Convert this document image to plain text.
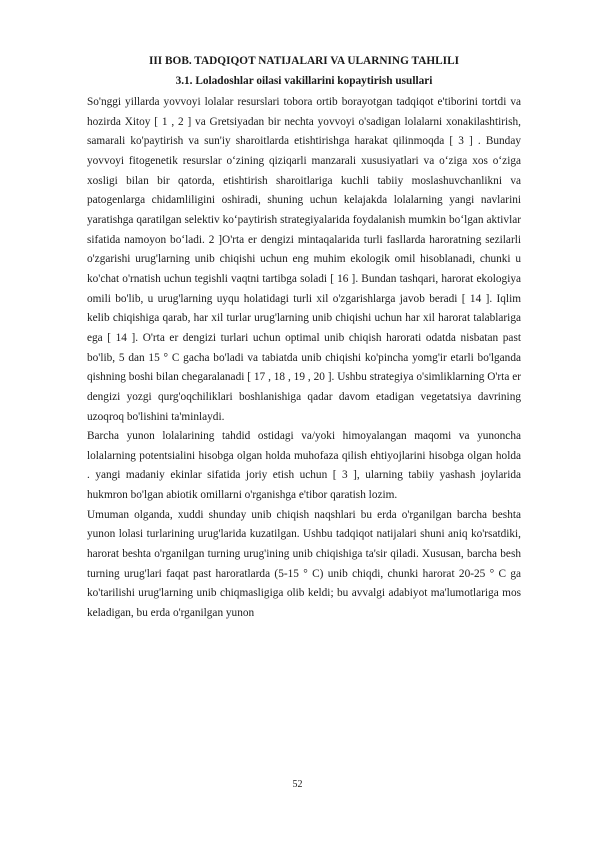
III BOB. TADQIQOT NATIJALARI VA ULARNING TAHLILI
3.1. Loladoshlar oilasi vakillarini kopaytirish usullari

So'nggi yillarda yovvoyi lolalar resurslari tobora ortib borayotgan tadqiqot e'tiborini tortdi va hozirda Xitoy [ 1 , 2 ] va Gretsiyadan bir nechta yovvoyi o'sadigan lolalarni xonakilashtirish, samarali ko'paytirish va sun'iy sharoitlarda etishtirishga harakat qilinmoqda [ 3 ] . Bunday yovvoyi fitogenetik resurslar o‘zining qiziqarli manzarali xususiyatlari va o‘ziga xos o‘ziga xosligi bilan bir qatorda, etishtirish sharoitlariga kuchli tabiiy moslashuvchanlikni va patogenlarga chidamliligini oshiradi, shuning uchun kelajakda lolalarning yangi navlarini yaratishga qaratilgan selektiv ko‘paytirish strategiyalarida foydalanish mumkin bo‘lgan aktivlar sifatida namoyon bo‘ladi. 2 ]O'rta er dengizi mintaqalarida turli fasllarda haroratning sezilarli o'zgarishi urug'larning unib chiqishi uchun eng muhim ekologik omil hisoblanadi, chunki u ko'chat o'rnatish uchun tegishli vaqtni tartibga soladi [ 16 ]. Bundan tashqari, harorat ekologiya omili bo'lib, u urug'larning uyqu holatidagi turli xil o'zgarishlarga javob beradi [ 14 ]. Iqlim kelib chiqishiga qarab, har xil turlar urug'larning unib chiqishi uchun har xil harorat talablariga ega [ 14 ]. O'rta er dengizi turlari uchun optimal unib chiqish harorati odatda nisbatan past bo'lib, 5 dan 15 ° C gacha bo'ladi va tabiatda unib chiqishi ko'pincha yomg'ir etarli bo'lganda qishning boshi bilan chegaralanadi [ 17 , 18 , 19 , 20 ]. Ushbu strategiya o'simliklarning O'rta er dengizi yozgi qurg'oqchiliklari boshlanishiga qadar davom etadigan vegetatsiya davrining uzoqroq bo'lishini ta'minlaydi.

Barcha yunon lolalarining tahdid ostidagi va/yoki himoyalangan maqomi va yunoncha lolalarning potentsialini hisobga olgan holda muhofaza qilish ehtiyojlarini hisobga olgan holda . yangi madaniy ekinlar sifatida joriy etish uchun [ 3 ], ularning tabiiy yashash joylarida hukmron bo'lgan abiotik omillarni o'rganishga e'tibor qaratish lozim.

Umuman olganda, xuddi shunday unib chiqish naqshlari bu erda o'rganilgan barcha beshta yunon lolasi turlarining urug'larida kuzatilgan. Ushbu tadqiqot natijalari shuni aniq ko'rsatdiki, harorat beshta o'rganilgan turning urug'ining unib chiqishiga ta'sir qiladi. Xususan, barcha besh turning urug'lari faqat past haroratlarda (5-15 ° C) unib chiqdi, chunki harorat 20-25 ° C ga ko'tarilishi urug'larning unib chiqmasligiga olib keldi; bu avvalgi adabiyot ma'lumotlariga mos keladigan, bu erda o'rganilgan yunon

52
